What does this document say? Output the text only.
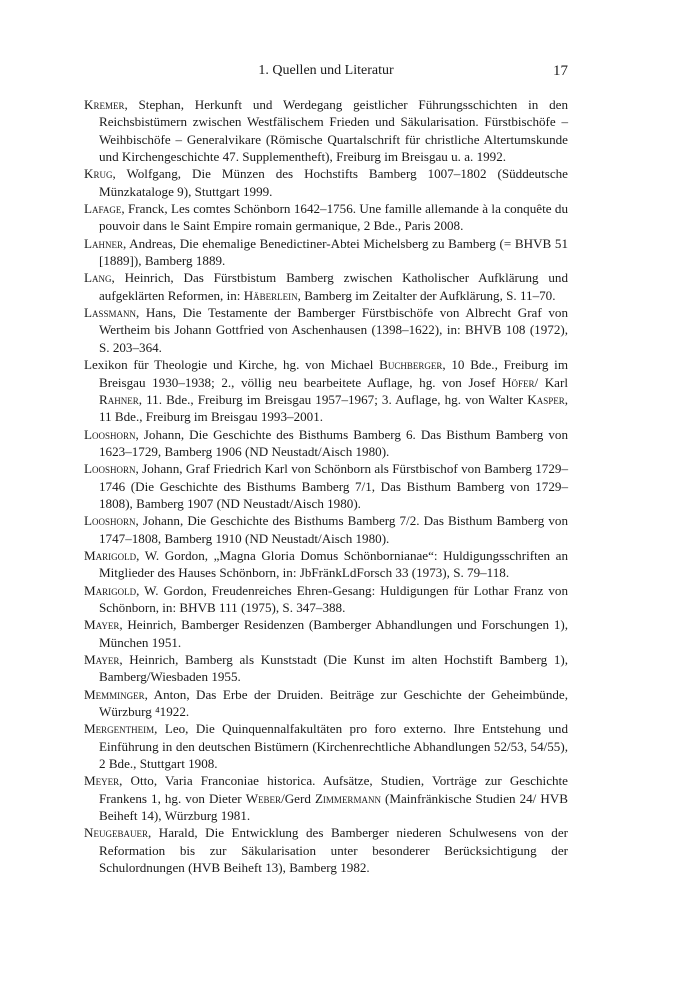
1. Quellen und Literatur	17

Kremer, Stephan, Herkunft und Werdegang geistlicher Führungsschichten in den Reichsbistümern zwischen Westfälischem Frieden und Säkularisation. Fürstbischöfe – Weihbischöfe – Generalvikare (Römische Quartalschrift für christliche Altertumskunde und Kirchengeschichte 47. Supplementheft), Freiburg im Breisgau u. a. 1992.

Krug, Wolfgang, Die Münzen des Hochstifts Bamberg 1007–1802 (Süddeutsche Münzkataloge 9), Stuttgart 1999.

Lafage, Franck, Les comtes Schönborn 1642–1756. Une famille allemande à la conquête du pouvoir dans le Saint Empire romain germanique, 2 Bde., Paris 2008.

Lahner, Andreas, Die ehemalige Benedictiner-Abtei Michelsberg zu Bamberg (= BHVB 51 [1889]), Bamberg 1889.

Lang, Heinrich, Das Fürstbistum Bamberg zwischen Katholischer Aufklärung und aufgeklärten Reformen, in: Häberlein, Bamberg im Zeitalter der Aufklärung, S. 11–70.

Lassmann, Hans, Die Testamente der Bamberger Fürstbischöfe von Albrecht Graf von Wertheim bis Johann Gottfried von Aschenhausen (1398–1622), in: BHVB 108 (1972), S. 203–364.

Lexikon für Theologie und Kirche, hg. von Michael Buchberger, 10 Bde., Freiburg im Breisgau 1930–1938; 2., völlig neu bearbeitete Auflage, hg. von Josef Höfer/ Karl Rahner, 11. Bde., Freiburg im Breisgau 1957–1967; 3. Auflage, hg. von Walter Kasper, 11 Bde., Freiburg im Breisgau 1993–2001.

Looshorn, Johann, Die Geschichte des Bisthums Bamberg 6. Das Bisthum Bamberg von 1623–1729, Bamberg 1906 (ND Neustadt/Aisch 1980).

Looshorn, Johann, Graf Friedrich Karl von Schönborn als Fürstbischof von Bamberg 1729–1746 (Die Geschichte des Bisthums Bamberg 7/1, Das Bisthum Bamberg von 1729–1808), Bamberg 1907 (ND Neustadt/Aisch 1980).

Looshorn, Johann, Die Geschichte des Bisthums Bamberg 7/2. Das Bisthum Bamberg von 1747–1808, Bamberg 1910 (ND Neustadt/Aisch 1980).

Marigold, W. Gordon, „Magna Gloria Domus Schönbornianae“: Huldigungsschriften an Mitglieder des Hauses Schönborn, in: JbFränkLdForsch 33 (1973), S. 79–118.

Marigold, W. Gordon, Freudenreiches Ehren-Gesang: Huldigungen für Lothar Franz von Schönborn, in: BHVB 111 (1975), S. 347–388.

Mayer, Heinrich, Bamberger Residenzen (Bamberger Abhandlungen und Forschungen 1), München 1951.

Mayer, Heinrich, Bamberg als Kunststadt (Die Kunst im alten Hochstift Bamberg 1), Bamberg/Wiesbaden 1955.

Memminger, Anton, Das Erbe der Druiden. Beiträge zur Geschichte der Geheimbünde, Würzburg ⁴1922.

Mergentheim, Leo, Die Quinquennalfakultäten pro foro externo. Ihre Entstehung und Einführung in den deutschen Bistümern (Kirchenrechtliche Abhandlungen 52/53, 54/55), 2 Bde., Stuttgart 1908.

Meyer, Otto, Varia Franconiae historica. Aufsätze, Studien, Vorträge zur Geschichte Frankens 1, hg. von Dieter Weber/Gerd Zimmermann (Mainfränkische Studien 24/ HVB Beiheft 14), Würzburg 1981.

Neugebauer, Harald, Die Entwicklung des Bamberger niederen Schulwesens von der Reformation bis zur Säkularisation unter besonderer Berücksichtigung der Schulordnungen (HVB Beiheft 13), Bamberg 1982.
